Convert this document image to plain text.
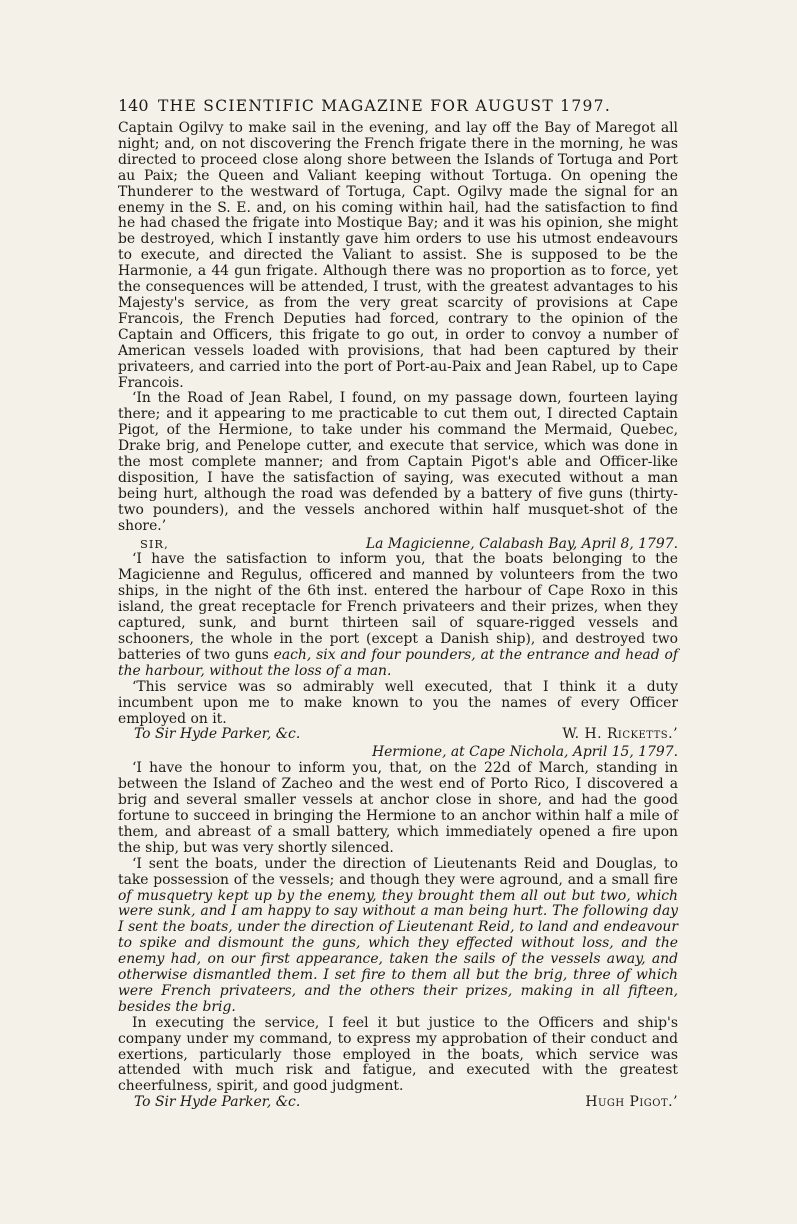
140 THE SCIENTIFIC MAGAZINE FOR AUGUST 1797.

Captain Ogilvy to make sail in the evening, and lay off the Bay of Maregot all night; and, on not discovering the French frigate there in the morning, he was directed to proceed close along shore between the Islands of Tortuga and Port au Paix; the Queen and Valiant keeping without Tortuga. On opening the Thunderer to the westward of Tortuga, Capt. Ogilvy made the signal for an enemy in the S. E. and, on his coming within hail, had the satisfaction to find he had chased the frigate into Mostique Bay; and it was his opinion, she might be destroyed, which I instantly gave him orders to use his utmost endeavours to execute, and directed the Valiant to assist. She is supposed to be the Harmonie, a 44 gun frigate. Although there was no proportion as to force, yet the consequences will be attended, I trust, with the greatest advantages to his Majesty's service, as from the very great scarcity of provisions at Cape Francois, the French Deputies had forced, contrary to the opinion of the Captain and Officers, this frigate to go out, in order to convoy a number of American vessels loaded with provisions, that had been captured by their privateers, and carried into the port of Port-au-Paix and Jean Rabel, up to Cape Francois.

‘In the Road of Jean Rabel, I found, on my passage down, fourteen laying there; and it appearing to me practicable to cut them out, I directed Captain Pigot, of the Hermione, to take under his command the Mermaid, Quebec, Drake brig, and Penelope cutter, and execute that service, which was done in the most complete manner; and from Captain Pigot's able and Officer-like disposition, I have the satisfaction of saying, was executed without a man being hurt, although the road was defended by a battery of five guns (thirty-two pounders), and the vessels anchored within half musquet-shot of the shore.’

SIR,	La Magicienne, Calabash Bay, April 8, 1797.

‘I have the satisfaction to inform you, that the boats belonging to the Magicienne and Regulus, officered and manned by volunteers from the two ships, in the night of the 6th inst. entered the harbour of Cape Roxo in this island, the great receptacle for French privateers and their prizes, when they captured, sunk, and burnt thirteen sail of square-rigged vessels and schooners, the whole in the port (except a Danish ship), and destroyed two batteries of two guns each, six and four pounders, at the entrance and head of the harbour, without the loss of a man.

‘This service was so admirably well executed, that I think it a duty incumbent upon me to make known to you the names of every Officer employed on it.

To Sir Hyde Parker, &c.	W. H. Ricketts.’
Hermione, at Cape Nichola, April 15, 1797.

‘I have the honour to inform you, that, on the 22d of March, standing in between the Island of Zacheo and the west end of Porto Rico, I discovered a brig and several smaller vessels at anchor close in shore, and had the good fortune to succeed in bringing the Hermione to an anchor within half a mile of them, and abreast of a small battery, which immediately opened a fire upon the ship, but was very shortly silenced.

‘I sent the boats, under the direction of Lieutenants Reid and Douglas, to take possession of the vessels; and though they were aground, and a small fire of musquetry kept up by the enemy, they brought them all out but two, which were sunk, and I am happy to say without a man being hurt. The following day I sent the boats, under the direction of Lieutenant Reid, to land and endeavour to spike and dismount the guns, which they effected without loss, and the enemy had, on our first appearance, taken the sails of the vessels away, and otherwise dismantled them. I set fire to them all but the brig, three of which were French privateers, and the others their prizes, making in all fifteen, besides the brig.

In executing the service, I feel it but justice to the Officers and ship's company under my command, to express my approbation of their conduct and exertions, particularly those employed in the boats, which service was attended with much risk and fatigue, and executed with the greatest cheerfulness, spirit, and good judgment.

To Sir Hyde Parker, &c.	Hugh Pigot.’
